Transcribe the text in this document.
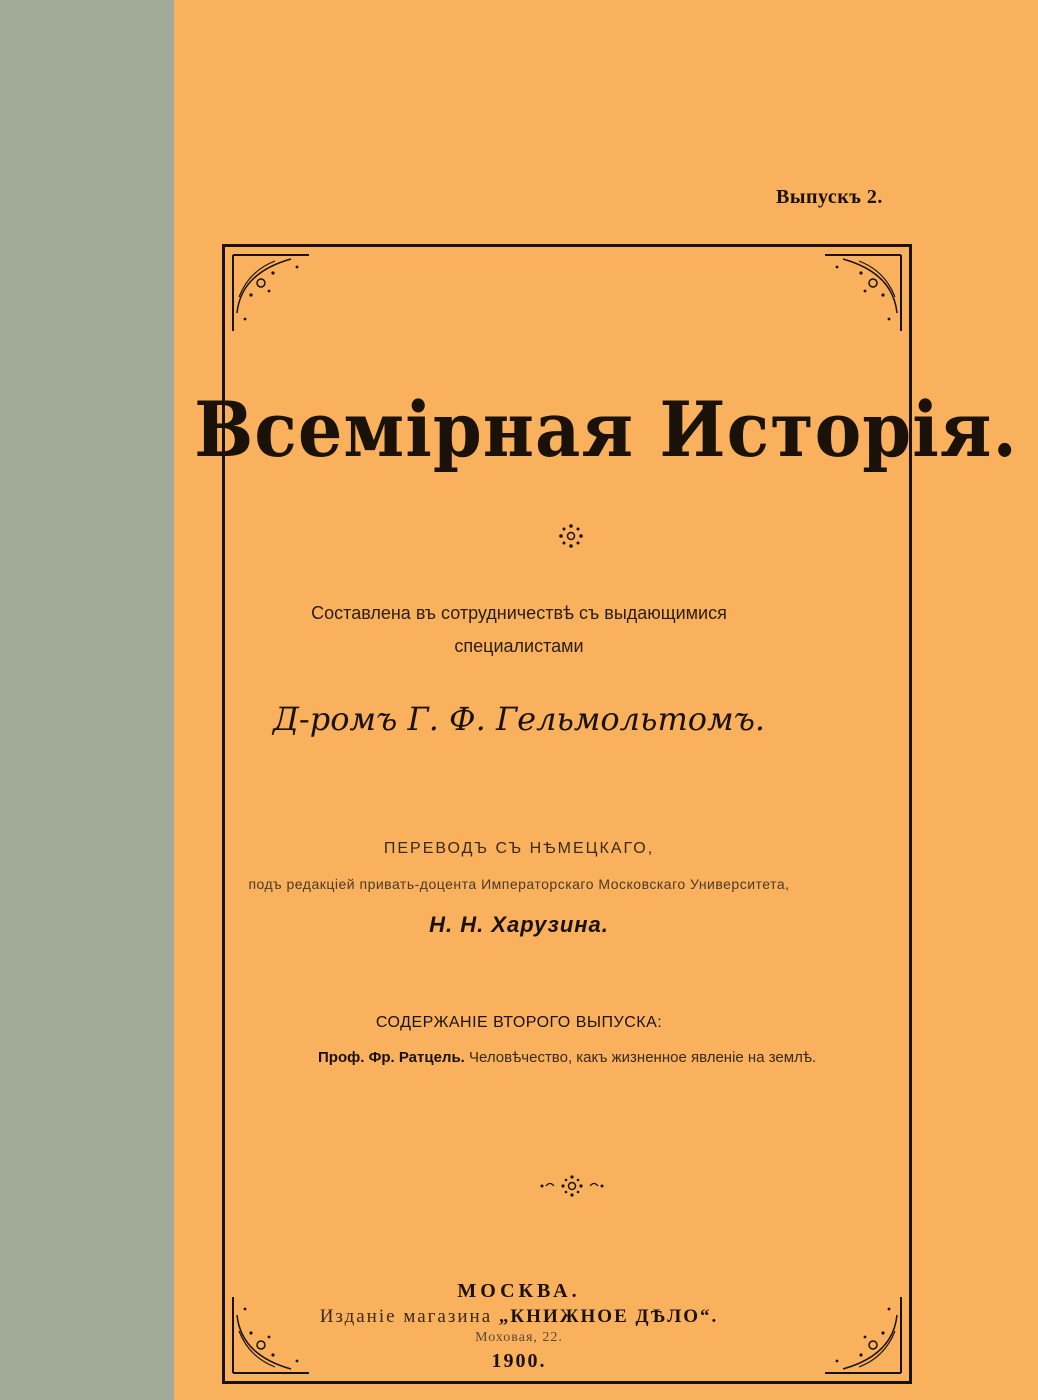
Выпускъ 2.
Всемірная Исторія.
Составлена въ сотрудничествѣ съ выдающимися
специалистами
Д-ромъ Г. Ф. Гельмольтомъ.
ПЕРЕВОДЪ СЪ НѢМЕЦКАГО,
подъ редакціей привать-доцента Императорскаго Московскаго Университета,
Н. Н. Харузина.
СОДЕРЖАНІЕ ВТОРОГО ВЫПУСКА:
Проф. Фр. Ратцель. Человѣчество, какъ жизненное явленіе на землѣ.
МОСКВА.
Изданіе магазина „КНИЖНОЕ ДѢЛО“.
Моховая, 22.
1900.
